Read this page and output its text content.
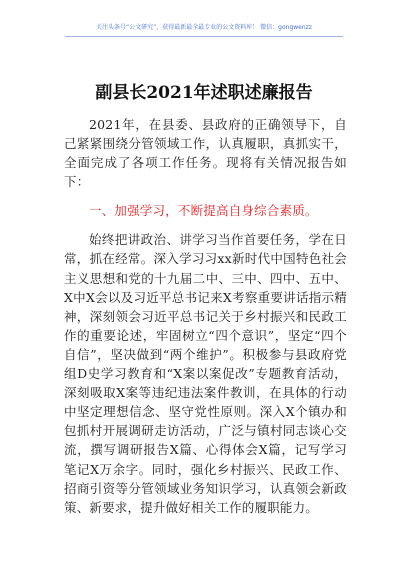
关注头条号“公文研究”，获得最新最全最专业的公文资料库！ 微信：gongwenzz
副县长2021年述职述廉报告

2021年，在县委、县政府的正确领导下，自己紧紧围绕分管领域工作，认真履职，真抓实干，全面完成了各项工作任务。现将有关情况报告如下：

一、加强学习，不断提高自身综合素质。

始终把讲政治、讲学习当作首要任务，学在日常，抓在经常。深入学习习xx新时代中国特色社会主义思想和党的十九届二中、三中、四中、五中、X中X会以及习近平总书记来X考察重要讲话指示精神，深刻领会习近平总书记关于乡村振兴和民政工作的重要论述，牢固树立“四个意识”，坚定“四个自信”，坚决做到“两个维护”。积极参与县政府党组D史学习教育和“X案以案促改”专题教育活动，深刻吸取X案等违纪违法案件教训，在具体的行动中坚定理想信念、坚守党性原则。深入X个镇办和包抓村开展调研走访活动，广泛与镇村同志谈心交流，撰写调研报告X篇、心得体会X篇，记写学习笔记X万余字。同时，强化乡村振兴、民政工作、招商引资等分管领域业务知识学习，认真领会新政策、新要求，提升做好相关工作的履职能力。
